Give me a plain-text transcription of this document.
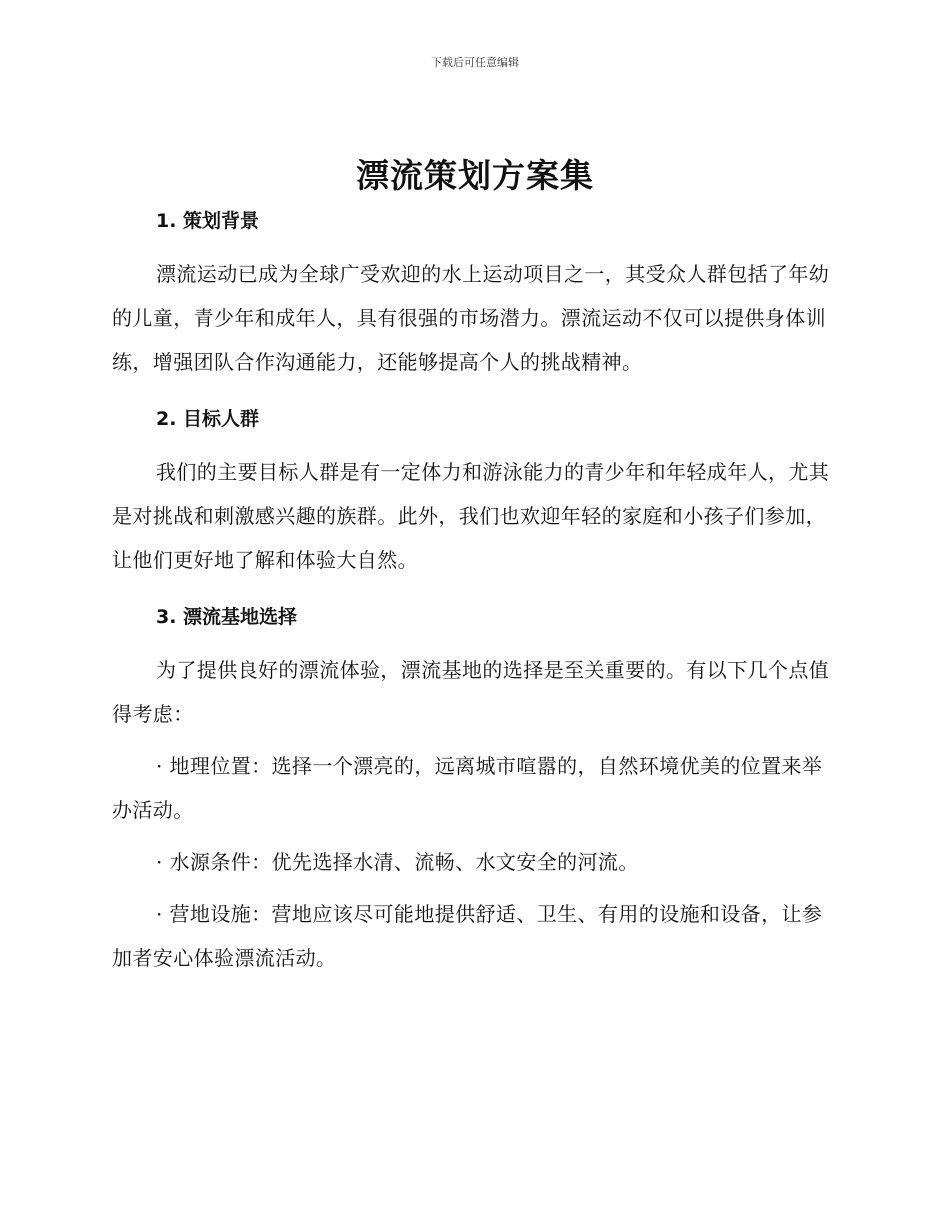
下载后可任意编辑
漂流策划方案集
1. 策划背景

漂流运动已成为全球广受欢迎的水上运动项目之一，其受众人群包括了年幼的儿童，青少年和成年人，具有很强的市场潜力。漂流运动不仅可以提供身体训练，增强团队合作沟通能力，还能够提高个人的挑战精神。

2. 目标人群

我们的主要目标人群是有一定体力和游泳能力的青少年和年轻成年人，尤其是对挑战和刺激感兴趣的族群。此外，我们也欢迎年轻的家庭和小孩子们参加，让他们更好地了解和体验大自然。

3. 漂流基地选择

为了提供良好的漂流体验，漂流基地的选择是至关重要的。有以下几个点值得考虑：

· 地理位置：选择一个漂亮的，远离城市喧嚣的，自然环境优美的位置来举办活动。

· 水源条件：优先选择水清、流畅、水文安全的河流。

· 营地设施：营地应该尽可能地提供舒适、卫生、有用的设施和设备，让参加者安心体验漂流活动。
